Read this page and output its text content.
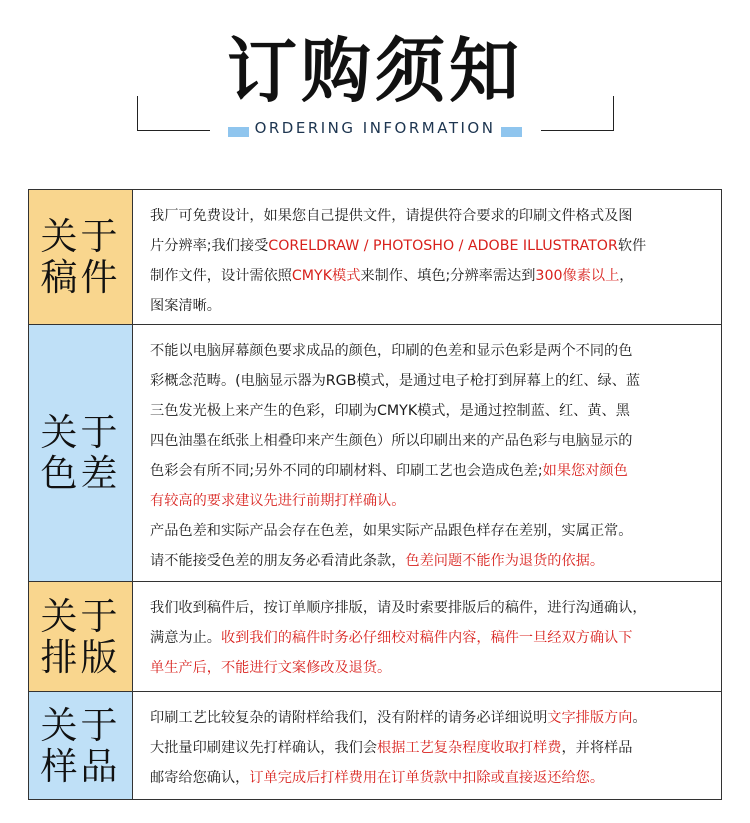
订购须知
ORDERING INFORMATION
关于
稿件
我厂可免费设计，如果您自己提供文件，请提供符合要求的印刷文件格式及图
片分辨率;我们接受CORELDRAW / PHOTOSHO / ADOBE ILLUSTRATOR软件
制作文件，设计需依照CMYK模式来制作、填色;分辨率需达到300像素以上，
图案清晰。
关于
色差
不能以电脑屏幕颜色要求成品的颜色，印刷的色差和显示色彩是两个不同的色
彩概念范畴。(电脑显示器为RGB模式，是通过电子枪打到屏幕上的红、绿、蓝
三色发光极上来产生的色彩，印刷为CMYK模式，是通过控制蓝、红、黄、黑
四色油墨在纸张上相叠印来产生颜色）所以印刷出来的产品色彩与电脑显示的
色彩会有所不同;另外不同的印刷材料、印刷工艺也会造成色差;如果您对颜色
有较高的要求建议先进行前期打样确认。
产品色差和实际产品会存在色差，如果实际产品跟色样存在差别，实属正常。
请不能接受色差的朋友务必看清此条款，色差问题不能作为退货的依据。
关于
排版
我们收到稿件后，按订单顺序排版，请及时索要排版后的稿件，进行沟通确认，
满意为止。收到我们的稿件时务必仔细校对稿件内容，稿件一旦经双方确认下
单生产后，不能进行文案修改及退货。
关于
样品
印刷工艺比较复杂的请附样给我们，没有附样的请务必详细说明文字排版方向。
大批量印刷建议先打样确认，我们会根据工艺复杂程度收取打样费，并将样品
邮寄给您确认，订单完成后打样费用在订单货款中扣除或直接返还给您。
